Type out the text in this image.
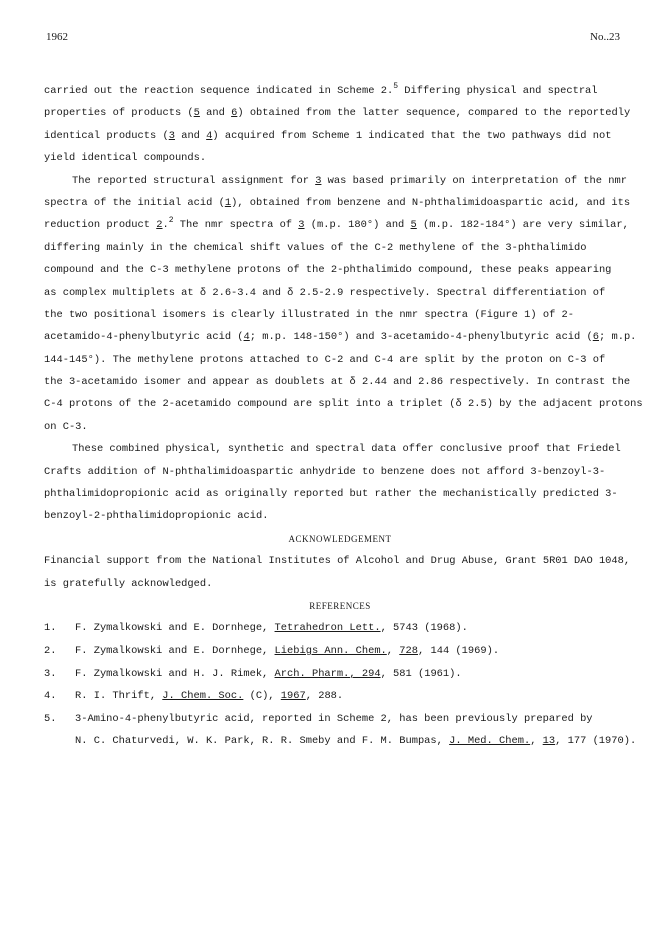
1962	No..23
carried out the reaction sequence indicated in Scheme 2.$^5$ Differing physical and spectral
properties of products (5 and 6) obtained from the latter sequence, compared to the reportedly
identical products (3 and 4) acquired from Scheme 1 indicated that the two pathways did not
yield identical compounds.
The reported structural assignment for 3 was based primarily on interpretation of the nmr
spectra of the initial acid (1), obtained from benzene and N-phthalimidoaspartic acid, and its
reduction product 2.$^2$ The nmr spectra of 3 (m.p. 180°) and 5 (m.p. 182-184°) are very similar,
differing mainly in the chemical shift values of the C-2 methylene of the 3-phthalimido
compound and the C-3 methylene protons of the 2-phthalimido compound, these peaks appearing
as complex multiplets at δ 2.6-3.4 and δ 2.5-2.9 respectively. Spectral differentiation of
the two positional isomers is clearly illustrated in the nmr spectra (Figure 1) of 2-
acetamido-4-phenylbutyric acid (4; m.p. 148-150°) and 3-acetamido-4-phenylbutyric acid (6; m.p.
144-145°). The methylene protons attached to C-2 and C-4 are split by the proton on C-3 of
the 3-acetamido isomer and appear as doublets at δ 2.44 and 2.86 respectively. In contrast the
C-4 protons of the 2-acetamido compound are split into a triplet (δ 2.5) by the adjacent protons
on C-3.
These combined physical, synthetic and spectral data offer conclusive proof that Friedel
Crafts addition of N-phthalimidoaspartic anhydride to benzene does not afford 3-benzoyl-3-
phthalimidopropionic acid as originally reported but rather the mechanistically predicted 3-
benzoyl-2-phthalimidopropionic acid.
ACKNOWLEDGEMENT
Financial support from the National Institutes of Alcohol and Drug Abuse, Grant 5R01 DAO 1048,
is gratefully acknowledged.
REFERENCES
1. F. Zymalkowski and E. Dornhege, Tetrahedron Lett., 5743 (1968).
2. F. Zymalkowski and E. Dornhege, Liebigs Ann. Chem., 728, 144 (1969).
3. F. Zymalkowski and H. J. Rimek, Arch. Pharm., 294, 581 (1961).
4. R. I. Thrift, J. Chem. Soc. (C), 1967, 288.
5. 3-Amino-4-phenylbutyric acid, reported in Scheme 2, has been previously prepared by
N. C. Chaturvedi, W. K. Park, R. R. Smeby and F. M. Bumpas, J. Med. Chem., 13, 177 (1970).
